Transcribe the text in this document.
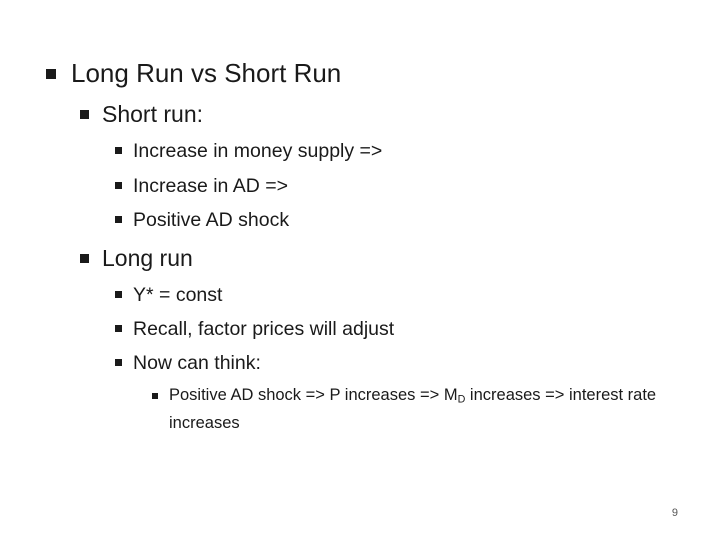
Long Run vs Short Run
Short run:
Increase in money supply =>
Increase in AD =>
Positive AD shock
Long run
Y* = const
Recall, factor prices will adjust
Now can think:
Positive AD shock => P increases => $M_D$ increases => interest rate increases
9
